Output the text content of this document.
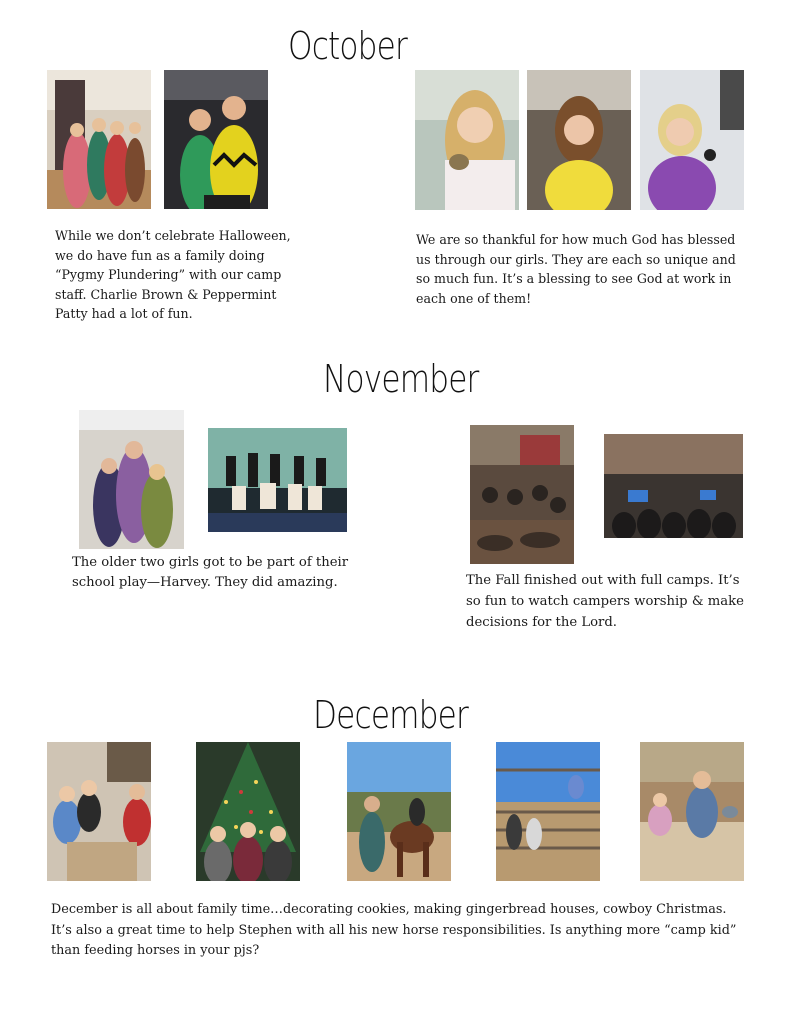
October
While we don’t celebrate Halloween, we do have fun as a family doing “Pygmy Plundering” with our camp staff. Charlie Brown & Peppermint Patty had a lot of fun.
We are so thankful for how much God has blessed us through our girls. They are each so unique and so much fun. It’s a blessing to see God at work in each one of them!
November
The older two girls got to be part of their school play—Harvey. They did amazing.	The Fall finished out with full camps. It’s so fun to watch campers worship & make decisions for the Lord.
December
December is all about family time…decorating cookies, making gingerbread houses, cowboy Christmas. It’s also a great time to help Stephen with all his new horse responsibilities. Is anything more “camp kid” than feeding horses in your pjs?
